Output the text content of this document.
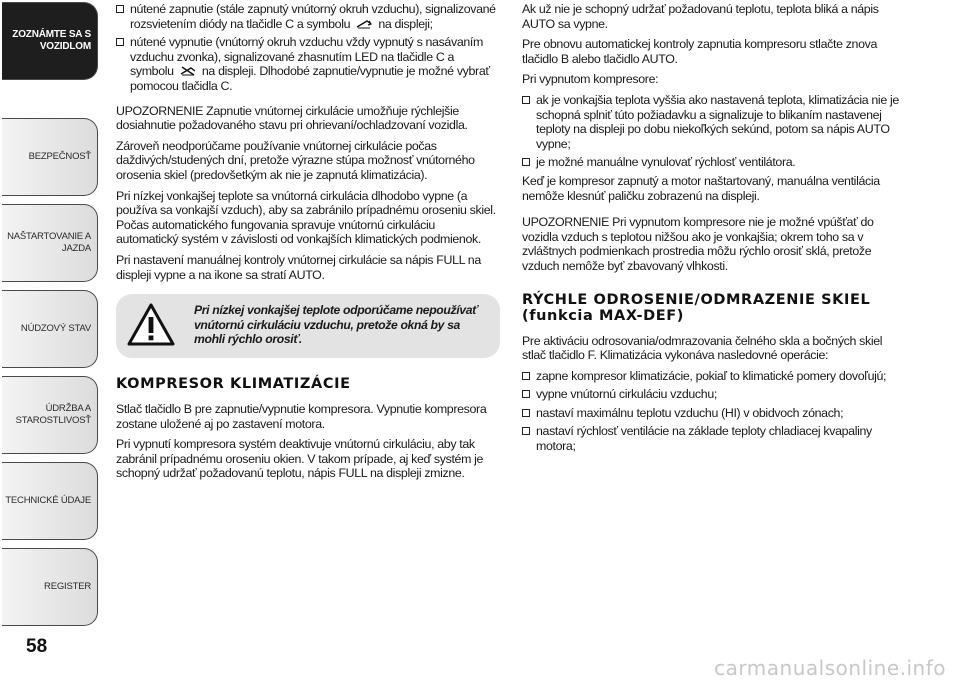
ZOZNÁMTE SA S VOZIDLOM
BEZPEČNOSŤ
NAŠTARTOVANIE A JAZDA
NÚDZOVÝ STAV
ÚDRŽBA A STAROSTLIVOSŤ
TECHNICKÉ ÚDAJE
REGISTER
58
nútené zapnutie (stále zapnutý vnútorný okruh vzduchu), signalizované rozsvietením diódy na tlačidle C a symbolu na displeji;
nútené vypnutie (vnútorný okruh vzduchu vždy vypnutý s nasávaním vzduchu zvonka), signalizované zhasnutím LED na tlačidle C a symbolu na displeji. Dlhodobé zapnutie/vypnutie je možné vybrať pomocou tlačidla C.

UPOZORNENIE Zapnutie vnútornej cirkulácie umožňuje rýchlejšie dosiahnutie požadovaného stavu pri ohrievaní/ochladzovaní vozidla.

Zároveň neodporúčame používanie vnútornej cirkulácie počas daždivých/studených dní, pretože výrazne stúpa možnosť vnútorného orosenia skiel (predovšetkým ak nie je zapnutá klimatizácia).

Pri nízkej vonkajšej teplote sa vnútorná cirkulácia dlhodobo vypne (a používa sa vonkajší vzduch), aby sa zabránilo prípadnému oroseniu skiel. Počas automatického fungovania spravuje vnútornú cirkuláciu automatický systém v závislosti od vonkajších klimatických podmienok.

Pri nastavení manuálnej kontroly vnútornej cirkulácie sa nápis FULL na displeji vypne a na ikone sa stratí AUTO.

Pri nízkej vonkajšej teplote odporúčame nepoužívať vnútornú cirkuláciu vzduchu, pretože okná by sa mohli rýchlo orosiť.
KOMPRESOR KLIMATIZÁCIE

Stlač tlačidlo B pre zapnutie/vypnutie kompresora. Vypnutie kompresora zostane uložené aj po zastavení motora.

Pri vypnutí kompresora systém deaktivuje vnútornú cirkuláciu, aby tak zabránil prípadnému oroseniu okien. V takom prípade, aj keď systém je schopný udržať požadovanú teplotu, nápis FULL na displeji zmizne.

Ak už nie je schopný udržať požadovanú teplotu, teplota bliká a nápis AUTO sa vypne.

Pre obnovu automatickej kontroly zapnutia kompresoru stlačte znova tlačidlo B alebo tlačidlo AUTO.

Pri vypnutom kompresore:

ak je vonkajšia teplota vyššia ako nastavená teplota, klimatizácia nie je schopná splniť túto požiadavku a signalizuje to blikaním nastavenej teploty na displeji po dobu niekoľkých sekúnd, potom sa nápis AUTO vypne;
je možné manuálne vynulovať rýchlosť ventilátora.

Keď je kompresor zapnutý a motor naštartovaný, manuálna ventilácia nemôže klesnúť paličku zobrazenú na displeji.

UPOZORNENIE Pri vypnutom kompresore nie je možné vpúšťať do vozidla vzduch s teplotou nižšou ako je vonkajšia; okrem toho sa v zvláštnych podmienkach prostredia môžu rýchlo orosiť sklá, pretože vzduch nemôže byť zbavovaný vlhkosti.

RÝCHLE ODROSENIE/ODMRAZENIE SKIEL (funkcia MAX-DEF)

Pre aktiváciu odrosovania/odmrazovania čelného skla a bočných skiel stlač tlačidlo F. Klimatizácia vykonáva nasledovné operácie:

zapne kompresor klimatizácie, pokiaľ to klimatické pomery dovoľujú;
vypne vnútornú cirkuláciu vzduchu;
nastaví maximálnu teplotu vzduchu (HI) v obidvoch zónach;
nastaví rýchlosť ventilácie na základe teploty chladiacej kvapaliny motora;
carmanualsonline.info
